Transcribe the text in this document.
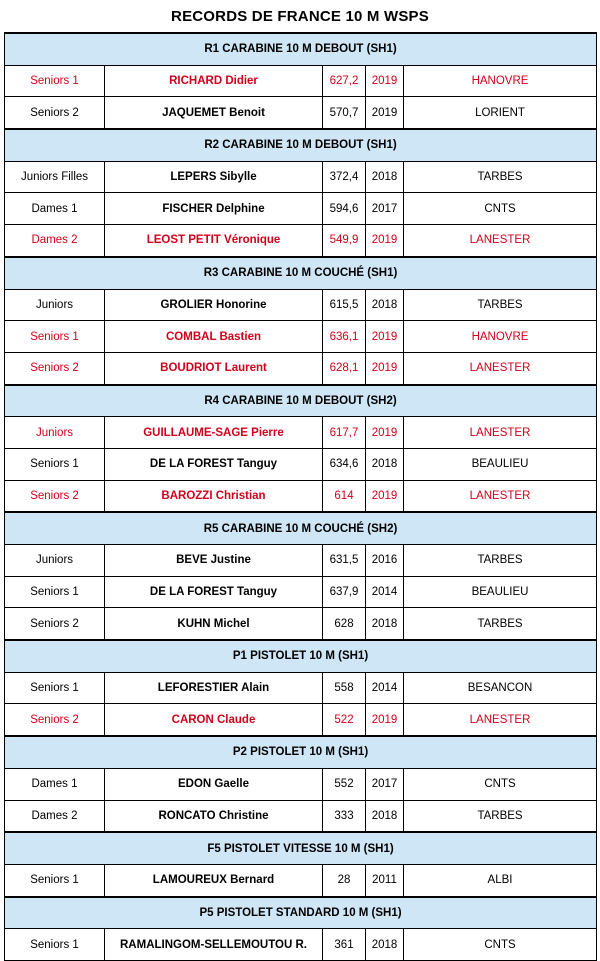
RECORDS DE FRANCE 10 M WSPS
R1 CARABINE 10 M DEBOUT (SH1)				
Seniors 1	RICHARD Didier	627,2	2019	HANOVRE
Seniors 2	JAQUEMET Benoit	570,7	2019	LORIENT
R2 CARABINE 10 M DEBOUT (SH1)				
Juniors Filles	LEPERS Sibylle	372,4	2018	TARBES
Dames 1	FISCHER Delphine	594,6	2017	CNTS
Dames 2	LEOST PETIT Véronique	549,9	2019	LANESTER
R3 CARABINE 10 M COUCHÉ (SH1)				
Juniors	GROLIER Honorine	615,5	2018	TARBES
Seniors 1	COMBAL Bastien	636,1	2019	HANOVRE
Seniors 2	BOUDRIOT Laurent	628,1	2019	LANESTER
R4 CARABINE 10 M DEBOUT (SH2)				
Juniors	GUILLAUME-SAGE Pierre	617,7	2019	LANESTER
Seniors 1	DE LA FOREST Tanguy	634,6	2018	BEAULIEU
Seniors 2	BAROZZI Christian	614	2019	LANESTER
R5 CARABINE 10 M COUCHÉ (SH2)				
Juniors	BEVE Justine	631,5	2016	TARBES
Seniors 1	DE LA FOREST Tanguy	637,9	2014	BEAULIEU
Seniors 2	KUHN Michel	628	2018	TARBES
P1 PISTOLET 10 M (SH1)				
Seniors 1	LEFORESTIER Alain	558	2014	BESANCON
Seniors 2	CARON Claude	522	2019	LANESTER
P2 PISTOLET 10 M (SH1)				
Dames 1	EDON Gaelle	552	2017	CNTS
Dames 2	RONCATO Christine	333	2018	TARBES
F5 PISTOLET VITESSE 10 M (SH1)				
Seniors 1	LAMOUREUX Bernard	28	2011	ALBI
P5 PISTOLET STANDARD 10 M (SH1)				
Seniors 1	RAMALINGOM-SELLEMOUTOU R.	361	2018	CNTS
